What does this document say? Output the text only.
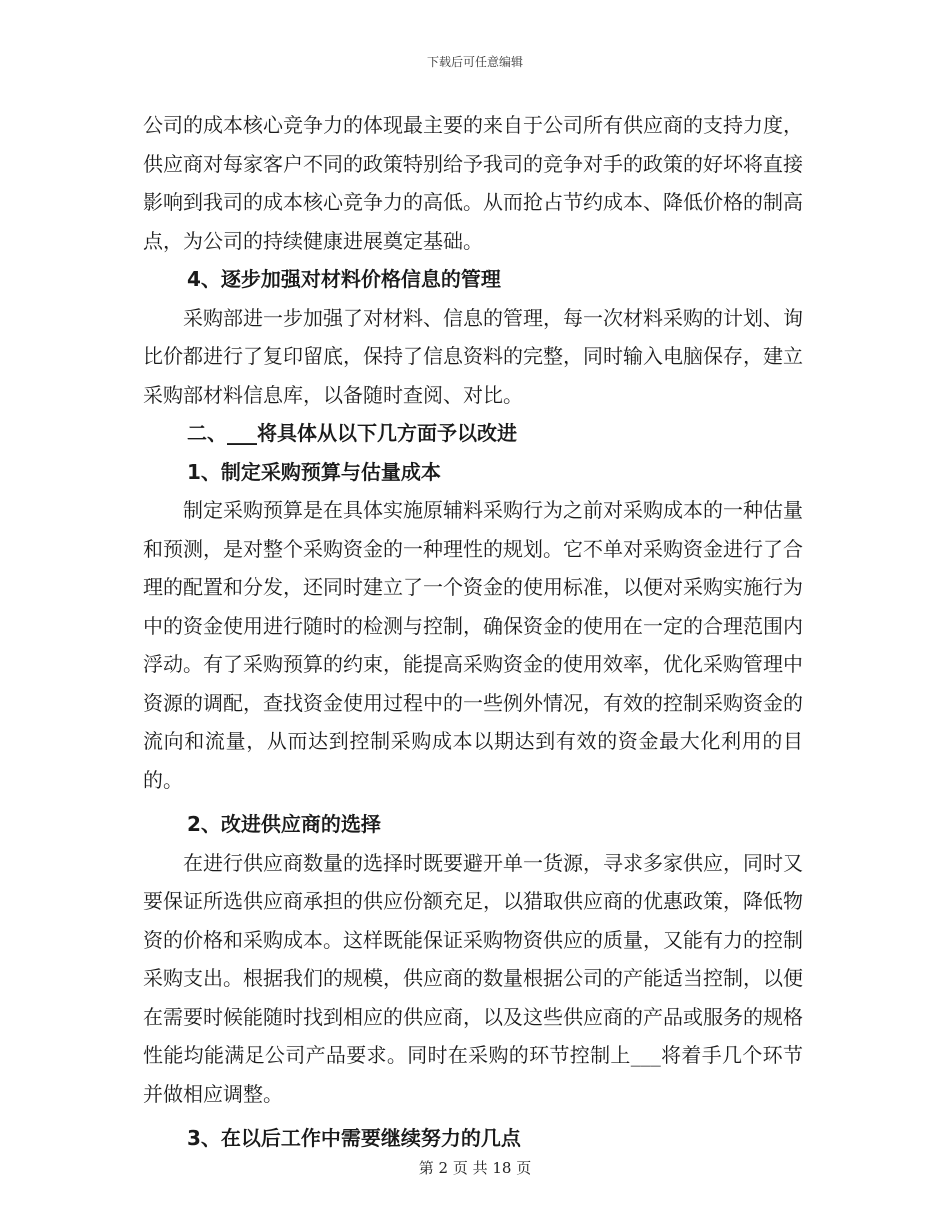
下载后可任意编辑

公司的成本核心竞争力的体现最主要的来自于公司所有供应商的支持力度，供应商对每家客户不同的政策特别给予我司的竞争对手的政策的好坏将直接影响到我司的成本核心竞争力的高低。从而抢占节约成本、降低价格的制高点，为公司的持续健康进展奠定基础。

4、逐步加强对材料价格信息的管理

采购部进一步加强了对材料、信息的管理，每一次材料采购的计划、询比价都进行了复印留底，保持了信息资料的完整，同时输入电脑保存，建立采购部材料信息库，以备随时查阅、对比。

二、___将具体从以下几方面予以改进

1、制定采购预算与估量成本

制定采购预算是在具体实施原辅料采购行为之前对采购成本的一种估量和预测，是对整个采购资金的一种理性的规划。它不单对采购资金进行了合理的配置和分发，还同时建立了一个资金的使用标准，以便对采购实施行为中的资金使用进行随时的检测与控制，确保资金的使用在一定的合理范围内浮动。有了采购预算的约束，能提高采购资金的使用效率，优化采购管理中资源的调配，查找资金使用过程中的一些例外情况，有效的控制采购资金的流向和流量，从而达到控制采购成本以期达到有效的资金最大化利用的目的。

2、改进供应商的选择

在进行供应商数量的选择时既要避开单一货源，寻求多家供应，同时又要保证所选供应商承担的供应份额充足，以猎取供应商的优惠政策，降低物资的价格和采购成本。这样既能保证采购物资供应的质量，又能有力的控制采购支出。根据我们的规模，供应商的数量根据公司的产能适当控制，以便在需要时候能随时找到相应的供应商，以及这些供应商的产品或服务的规格性能均能满足公司产品要求。同时在采购的环节控制上___将着手几个环节并做相应调整。

3、在以后工作中需要继续努力的几点

第 2 页 共 18 页
